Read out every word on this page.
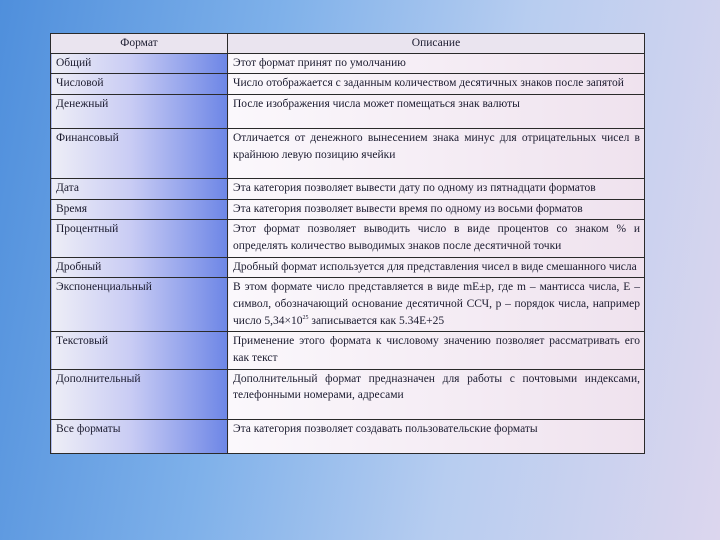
Формат	Описание
Общий	Этот формат принят по умолчанию
Числовой	Число отображается с заданным количеством десятичных знаков после запятой
Денежный	После изображения числа может помещаться знак валюты
Финансовый	Отличается от денежного вынесением знака минус для отрицательных чисел в крайнюю левую позицию ячейки
Дата	Эта категория позволяет вывести дату по одному из пятнадцати форматов
Время	Эта категория позволяет вывести время по одному из восьми форматов
Процентный	Этот формат позволяет выводить число в виде процентов со знаком % и определять количество выводимых знаков после десятичной точки
Дробный	Дробный формат используется для представления чисел в виде смешанного числа
Экспоненциальный	В этом формате число представляется в виде mE±p, где m – мантисса числа, E – символ, обозначающий основание десятичной ССЧ, p – порядок числа, например число $5,34\times 10^{25}$ записывается как 5.34E+25
Текстовый	Применение этого формата к числовому значению позволяет рассматривать его как текст
Дополнительный	Дополнительный формат предназначен для работы с почтовыми индексами, телефонными номерами, адресами
Все форматы	Эта категория позволяет создавать пользовательские форматы
